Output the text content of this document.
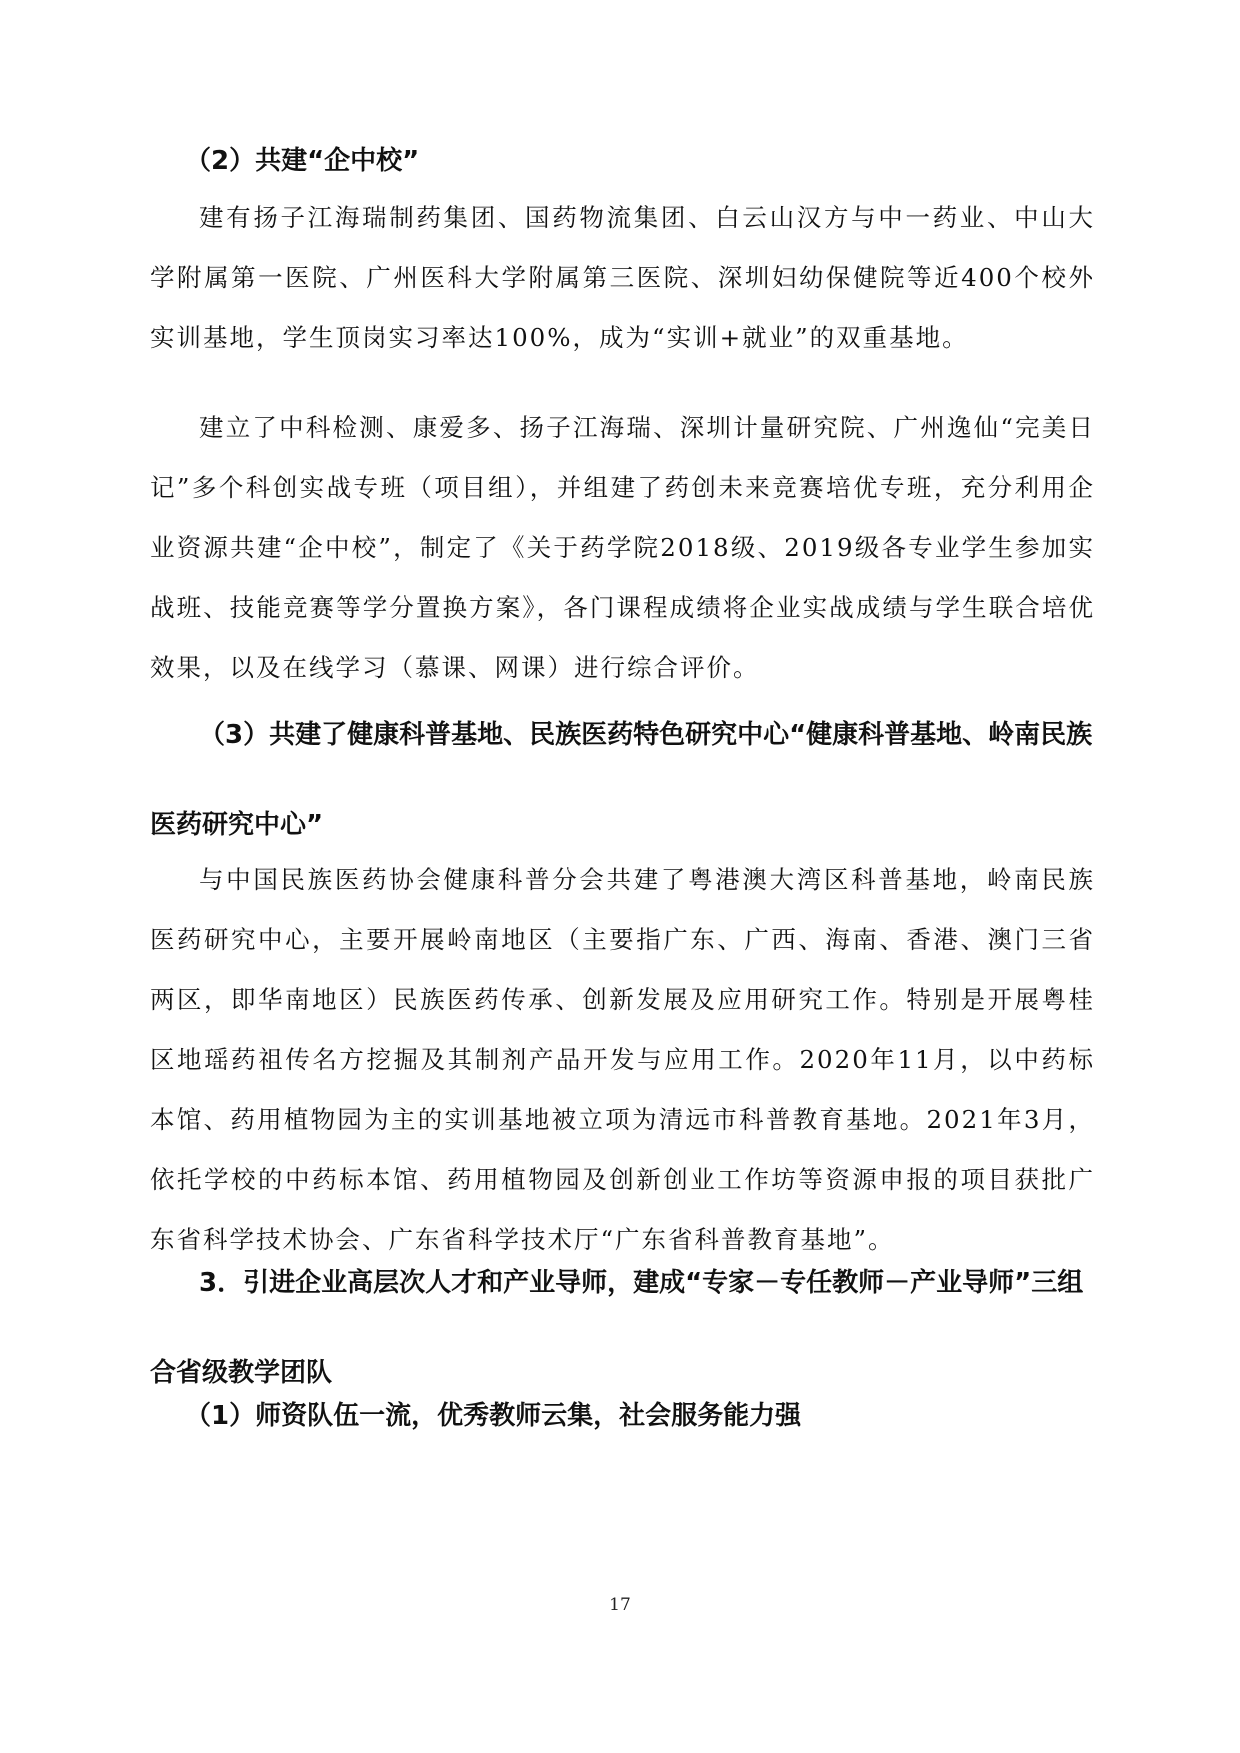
（2）共建“企中校”

建有扬子江海瑞制药集团、国药物流集团、白云山汉方与中一药业、中山大学附属第一医院、广州医科大学附属第三医院、深圳妇幼保健院等近400个校外实训基地，学生顶岗实习率达100%，成为“实训+就业”的双重基地。

建立了中科检测、康爱多、扬子江海瑞、深圳计量研究院、广州逸仙“完美日记”多个科创实战专班（项目组），并组建了药创未来竞赛培优专班，充分利用企业资源共建“企中校”，制定了《关于药学院2018级、2019级各专业学生参加实战班、技能竞赛等学分置换方案》，各门课程成绩将企业实战成绩与学生联合培优效果，以及在线学习（慕课、网课）进行综合评价。

（3）共建了健康科普基地、民族医药特色研究中心“健康科普基地、岭南民族医药研究中心”

与中国民族医药协会健康科普分会共建了粤港澳大湾区科普基地，岭南民族医药研究中心，主要开展岭南地区（主要指广东、广西、海南、香港、澳门三省两区，即华南地区）民族医药传承、创新发展及应用研究工作。特别是开展粤桂区地瑶药祖传名方挖掘及其制剂产品开发与应用工作。2020年11月，以中药标本馆、药用植物园为主的实训基地被立项为清远市科普教育基地。2021年3月，依托学校的中药标本馆、药用植物园及创新创业工作坊等资源申报的项目获批广东省科学技术协会、广东省科学技术厅“广东省科普教育基地”。

3．引进企业高层次人才和产业导师，建成“专家－专任教师－产业导师”三组合省级教学团队
（1）师资队伍一流，优秀教师云集，社会服务能力强
17
